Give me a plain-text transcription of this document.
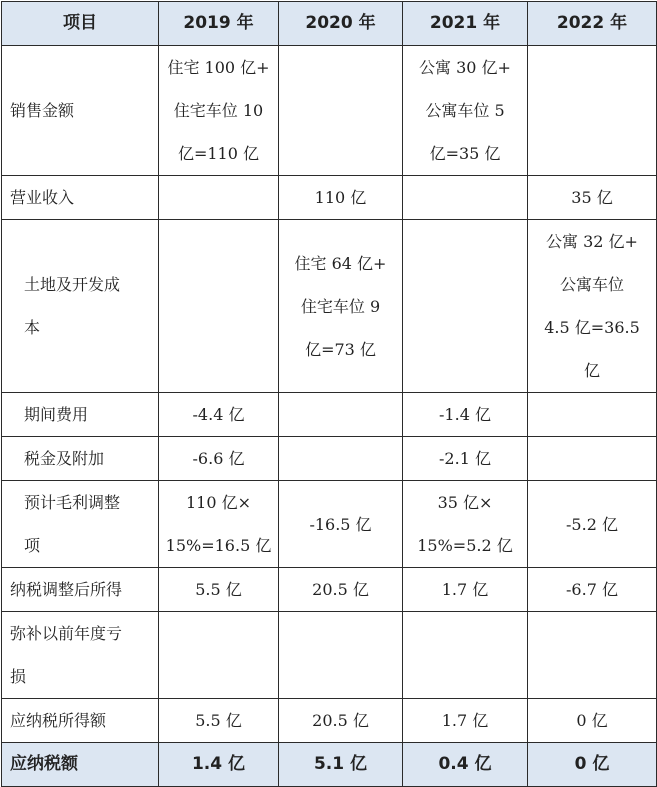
项目	2019 年	2020 年	2021 年	2022 年
销售金额	住宅 100 亿+
住宅车位 10
亿=110 亿		公寓 30 亿+
公寓车位 5
亿=35 亿	
营业收入		110 亿		35 亿
土地及开发成
本		住宅 64 亿+
住宅车位 9
亿=73 亿		公寓 32 亿+
公寓车位
4.5 亿=36.5
亿
期间费用	-4.4 亿		-1.4 亿	
税金及附加	-6.6 亿		-2.1 亿	
预计毛利调整
项	110 亿×
15%=16.5 亿	-16.5 亿	35 亿×
15%=5.2 亿	-5.2 亿
纳税调整后所得	5.5 亿	20.5 亿	1.7 亿	-6.7 亿
弥补以前年度亏
损				
应纳税所得额	5.5 亿	20.5 亿	1.7 亿	0 亿
应纳税额	1.4 亿	5.1 亿	0.4 亿	0 亿
